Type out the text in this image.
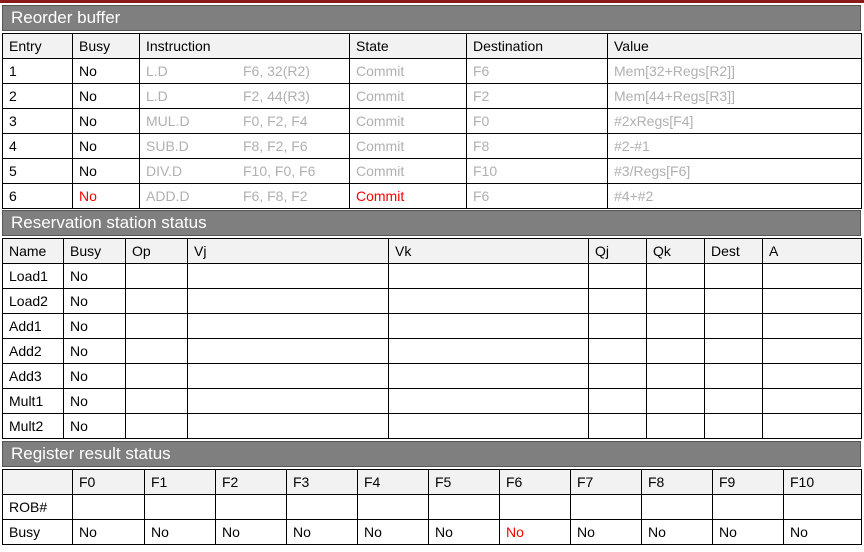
Reorder buffer
Entry	Busy	Instruction	State	Destination	Value
1	No	L.D F6, 32(R2)	Commit	F6	Mem[32+Regs[R2]]
2	No	L.D F2, 44(R3)	Commit	F2	Mem[44+Regs[R3]]
3	No	MUL.D F0, F2, F4	Commit	F0	#2xRegs[F4]
4	No	SUB.D F8, F2, F6	Commit	F8	#2-#1
5	No	DIV.D F10, F0, F6	Commit	F10	#3/Regs[F6]
6	No	ADD.D F6, F8, F2	Commit	F6	#4+#2
Reservation station status
Name	Busy	Op	Vj	Vk	Qj	Qk	Dest	A
Load1	No							
Load2	No							
Add1	No							
Add2	No							
Add3	No							
Mult1	No							
Mult2	No							
Register result status
	F0	F1	F2	F3	F4	F5	F6	F7	F8	F9	F10
ROB#											
Busy	No	No	No	No	No	No	No	No	No	No	No
